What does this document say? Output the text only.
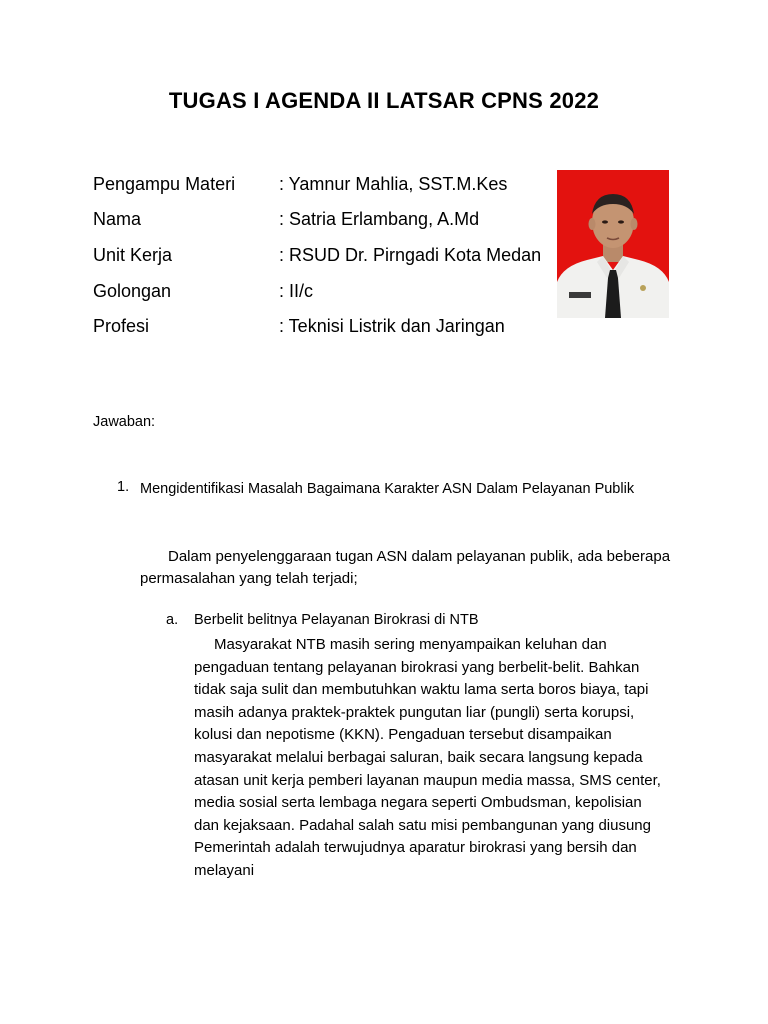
TUGAS I AGENDA II LATSAR CPNS 2022
Pengampu Materi : Yamnur Mahlia, SST.M.Kes
Nama	: Satria Erlambang, A.Md
Unit Kerja	: RSUD Dr. Pirngadi Kota Medan
Golongan	: II/c
Profesi	: Teknisi Listrik dan Jaringan
Jawaban:
1. Mengidentifikasi Masalah Bagaimana Karakter ASN Dalam Pelayanan Publik
Dalam penyelenggaraan tugan ASN dalam pelayanan publik, ada beberapa permasalahan yang telah terjadi;
a. Berbelit belitnya Pelayanan Birokrasi di NTB
Masyarakat NTB masih sering menyampaikan keluhan dan pengaduan tentang pelayanan birokrasi yang berbelit-belit. Bahkan tidak saja sulit dan membutuhkan waktu lama serta boros biaya, tapi masih adanya praktek-praktek pungutan liar (pungli) serta korupsi, kolusi dan nepotisme (KKN). Pengaduan tersebut disampaikan masyarakat melalui berbagai saluran, baik secara langsung kepada atasan unit kerja pemberi layanan maupun media massa, SMS center, media sosial serta lembaga negara seperti Ombudsman, kepolisian dan kejaksaan. Padahal salah satu misi pembangunan yang diusung Pemerintah adalah terwujudnya aparatur birokrasi yang bersih dan melayani
